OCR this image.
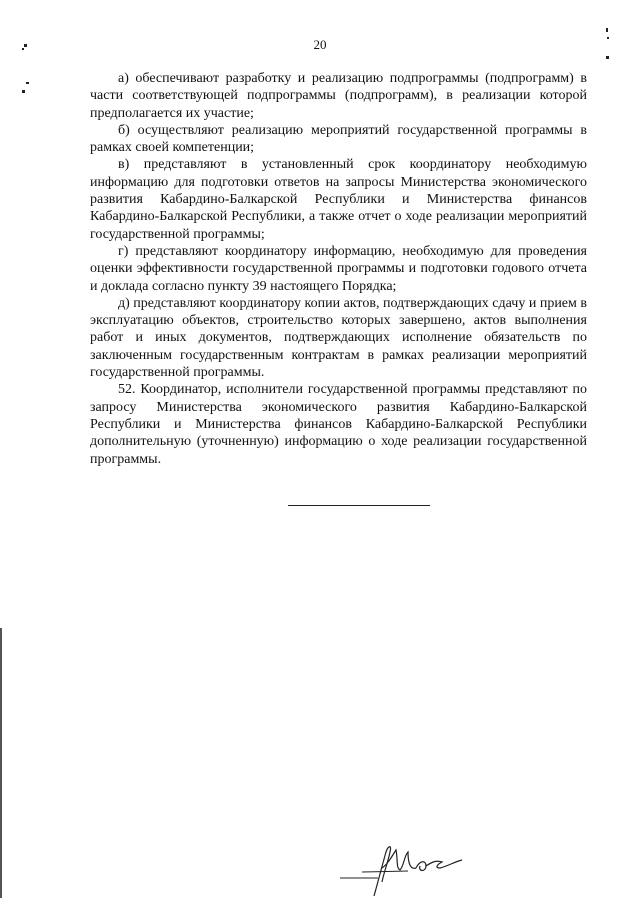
20

а) обеспечивают разработку и реализацию подпрограммы (подпрограмм) в части соответствующей подпрограммы (подпрограмм), в реализации которой предполагается их участие;

б) осуществляют реализацию мероприятий государственной программы в рамках своей компетенции;

в) представляют в установленный срок координатору необходимую информацию для подготовки ответов на запросы Министерства экономического развития Кабардино-Балкарской Республики и Министерства финансов Кабардино-Балкарской Республики, а также отчет о ходе реализации мероприятий государственной программы;

г) представляют координатору информацию, необходимую для проведения оценки эффективности государственной программы и подготовки годового отчета и доклада согласно пункту 39 настоящего Порядка;

д) представляют координатору копии актов, подтверждающих сдачу и прием в эксплуатацию объектов, строительство которых завершено, актов выполнения работ и иных документов, подтверждающих исполнение обязательств по заключенным государственным контрактам в рамках реализации мероприятий государственной программы.

52. Координатор, исполнители государственной программы представляют по запросу Министерства экономического развития Кабардино-Балкарской Республики и Министерства финансов Кабардино-Балкарской Республики дополнительную (уточненную) информацию о ходе реализации государственной программы.
